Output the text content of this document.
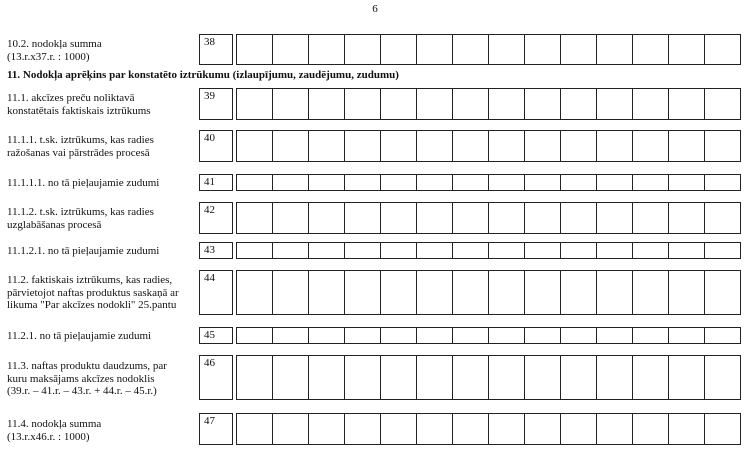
6
10.2. nodokļa summa
(13.r.x37.r. : 1000)
38
11. Nodokļa aprēķins par konstatēto iztrūkumu (izlaupījumu, zaudējumu, zudumu)
11.1. akcīzes preču noliktavā
konstatētais faktiskais iztrūkums
39
11.1.1. t.sk. iztrūkums, kas radies
ražošanas vai pārstrādes procesā
40
11.1.1.1. no tā pieļaujamie zudumi	41
11.1.2. t.sk. iztrūkums, kas radies
uzglabāšanas procesā
42
11.1.2.1. no tā pieļaujamie zudumi	43
11.2. faktiskais iztrūkums, kas radies,
pārvietojot naftas produktus saskaņā ar
likuma "Par akcīzes nodokli" 25.pantu
44
11.2.1. no tā pieļaujamie zudumi	45
11.3. naftas produktu daudzums, par
kuru maksājams akcīzes nodoklis
(39.r. – 41.r. – 43.r. + 44.r. – 45.r.)
46
11.4. nodokļa summa
(13.r.x46.r. : 1000)
47
